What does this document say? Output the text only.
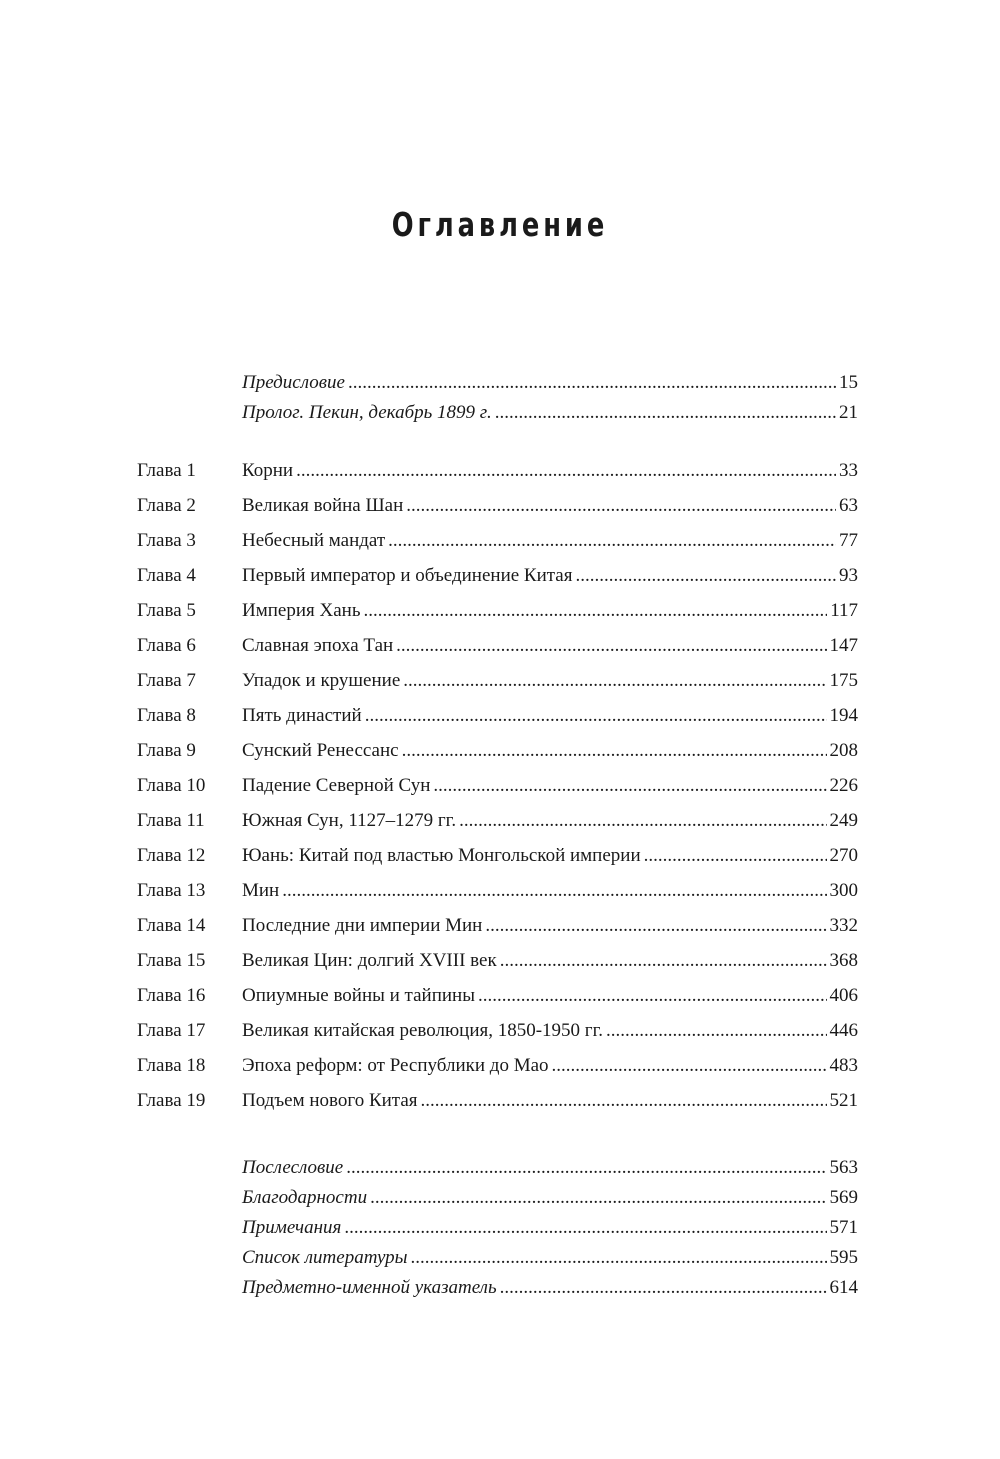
Оглавление
Предисловие .....	15
Пролог. Пекин, декабрь 1899 г. .....	21
Глава 1 Корни .....	33
Глава 2 Великая война Шан .....	63
Глава 3 Небесный мандат .....	77
Глава 4 Первый император и объединение Китая .....	93
Глава 5 Империя Хань .....	117
Глава 6 Славная эпоха Тан .....	147
Глава 7 Упадок и крушение .....	175
Глава 8 Пять династий .....	194
Глава 9 Сунский Ренессанс .....	208
Глава 10 Падение Северной Сун .....	226
Глава 11 Южная Сун, 1127–1279 гг. .....	249
Глава 12 Юань: Китай под властью Монгольской империи .....	270
Глава 13 Мин .....	300
Глава 14 Последние дни империи Мин .....	332
Глава 15 Великая Цин: долгий XVIII век .....	368
Глава 16 Опиумные войны и тайпины .....	406
Глава 17 Великая китайская революция, 1850-1950 гг. .....	446
Глава 18 Эпоха реформ: от Республики до Мао .....	483
Глава 19 Подъем нового Китая .....	521
Послесловие .....	563
Благодарности .....	569
Примечания .....	571
Список литературы .....	595
Предметно-именной указатель .....	614
